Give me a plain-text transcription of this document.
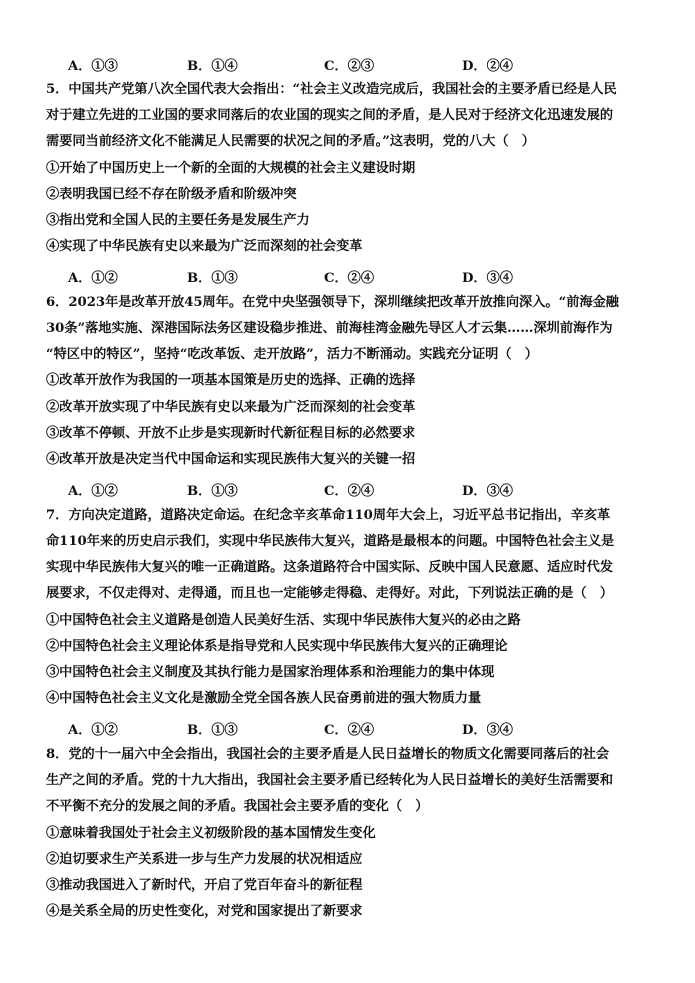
A．①③	B．①④	C．②③	D．②④
5．中国共产党第八次全国代表大会指出：“社会主义改造完成后，我国社会的主要矛盾已经是人民
对于建立先进的工业国的要求同落后的农业国的现实之间的矛盾，是人民对于经济文化迅速发展的
需要同当前经济文化不能满足人民需要的状况之间的矛盾。”这表明，党的八大（　）
①开始了中国历史上一个新的全面的大规模的社会主义建设时期
②表明我国已经不存在阶级矛盾和阶级冲突
③指出党和全国人民的主要任务是发展生产力
④实现了中华民族有史以来最为广泛而深刻的社会变革
A．①②	B．①③	C．②④	D．③④
6．2023年是改革开放45周年。在党中央坚强领导下，深圳继续把改革开放推向深入。“前海金融
30条”落地实施、深港国际法务区建设稳步推进、前海桂湾金融先导区人才云集……深圳前海作为
“特区中的特区”，坚持“吃改革饭、走开放路”，活力不断涌动。实践充分证明（　）
①改革开放作为我国的一项基本国策是历史的选择、正确的选择
②改革开放实现了中华民族有史以来最为广泛而深刻的社会变革
③改革不停顿、开放不止步是实现新时代新征程目标的必然要求
④改革开放是决定当代中国命运和实现民族伟大复兴的关键一招
A．①②	B．①③	C．②④	D．③④
7．方向决定道路，道路决定命运。在纪念辛亥革命110周年大会上，习近平总书记指出，辛亥革
命110年来的历史启示我们，实现中华民族伟大复兴，道路是最根本的问题。中国特色社会主义是
实现中华民族伟大复兴的唯一正确道路。这条道路符合中国实际、反映中国人民意愿、适应时代发
展要求，不仅走得对、走得通，而且也一定能够走得稳、走得好。对此，下列说法正确的是（　）
①中国特色社会主义道路是创造人民美好生活、实现中华民族伟大复兴的必由之路
②中国特色社会主义理论体系是指导党和人民实现中华民族伟大复兴的正确理论
③中国特色社会主义制度及其执行能力是国家治理体系和治理能力的集中体现
④中国特色社会主义文化是激励全党全国各族人民奋勇前进的强大物质力量
A．①②	B．①③	C．②④	D．③④
8．党的十一届六中全会指出，我国社会的主要矛盾是人民日益增长的物质文化需要同落后的社会
生产之间的矛盾。党的十九大指出，我国社会主要矛盾已经转化为人民日益增长的美好生活需要和
不平衡不充分的发展之间的矛盾。我国社会主要矛盾的变化（　）
①意味着我国处于社会主义初级阶段的基本国情发生变化
②迫切要求生产关系进一步与生产力发展的状况相适应
③推动我国进入了新时代，开启了党百年奋斗的新征程
④是关系全局的历史性变化，对党和国家提出了新要求
